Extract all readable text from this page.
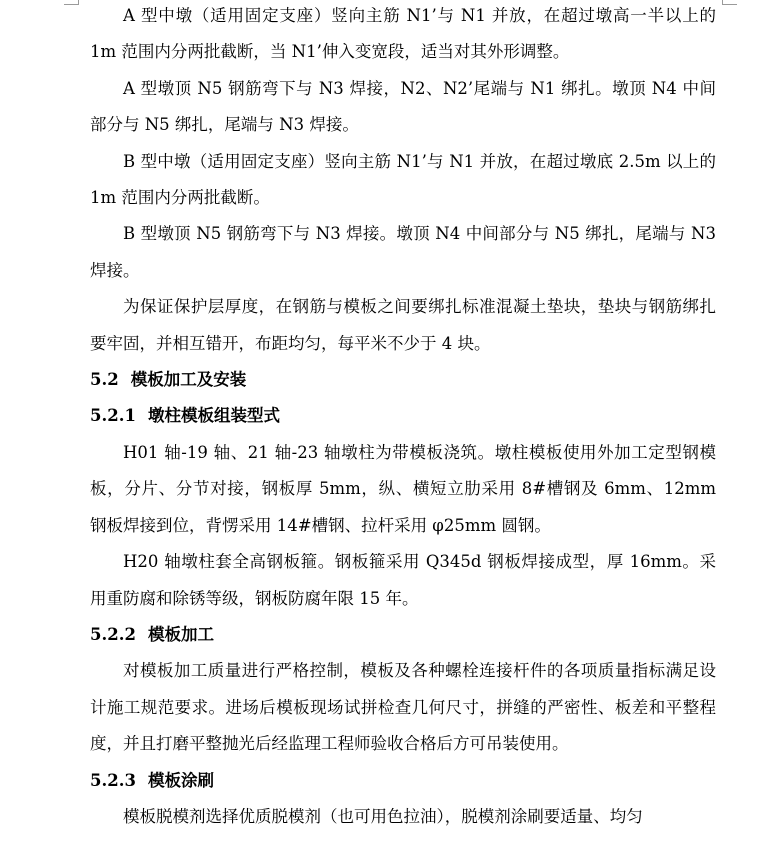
A 型中墩（适用固定支座）竖向主筋 N1’与 N1 并放，在超过墩高一半以上的 1m 范围内分两批截断，当 N1’伸入变宽段，适当对其外形调整。

A 型墩顶 N5 钢筋弯下与 N3 焊接，N2、N2’尾端与 N1 绑扎。墩顶 N4 中间部分与 N5 绑扎，尾端与 N3 焊接。

B 型中墩（适用固定支座）竖向主筋 N1’与 N1 并放，在超过墩底 2.5m 以上的 1m 范围内分两批截断。

B 型墩顶 N5 钢筋弯下与 N3 焊接。墩顶 N4 中间部分与 N5 绑扎，尾端与 N3 焊接。

为保证保护层厚度，在钢筋与模板之间要绑扎标准混凝土垫块，垫块与钢筋绑扎要牢固，并相互错开，布距均匀，每平米不少于 4 块。

5.2 模板加工及安装

5.2.1 墩柱模板组装型式

H01 轴-19 轴、21 轴-23 轴墩柱为带模板浇筑。墩柱模板使用外加工定型钢模板，分片、分节对接，钢板厚 5mm，纵、横短立肋采用 8#槽钢及 6mm、12mm 钢板焊接到位，背愣采用 14#槽钢、拉杆采用 φ25mm 圆钢。

H20 轴墩柱套全高钢板箍。钢板箍采用 Q345d 钢板焊接成型，厚 16mm。采用重防腐和除锈等级，钢板防腐年限 15 年。

5.2.2 模板加工

对模板加工质量进行严格控制，模板及各种螺栓连接杆件的各项质量指标满足设计施工规范要求。进场后模板现场试拼检查几何尺寸，拼缝的严密性、板差和平整程度，并且打磨平整抛光后经监理工程师验收合格后方可吊装使用。

5.2.3 模板涂刷

模板脱模剂选择优质脱模剂（也可用色拉油），脱模剂涂刷要适量、均匀
